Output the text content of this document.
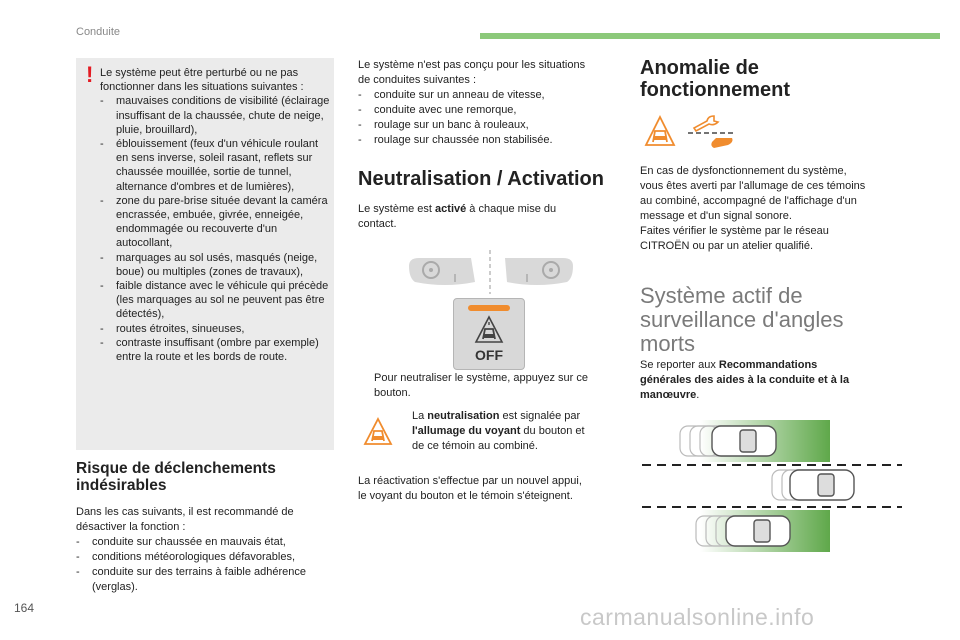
Conduite
! Le système peut être perturbé ou ne pas fonctionner dans les situations suivantes :
-	mauvaises conditions de visibilité (éclairage insuffisant de la chaussée, chute de neige, pluie, brouillard),
-	éblouissement (feux d'un véhicule roulant en sens inverse, soleil rasant, reflets sur chaussée mouillée, sortie de tunnel, alternance d'ombres et de lumières),
-	zone du pare-brise située devant la caméra encrassée, embuée, givrée, enneigée, endommagée ou recouverte d'un autocollant,
-	marquages au sol usés, masqués (neige, boue) ou multiples (zones de travaux),
-	faible distance avec le véhicule qui précède (les marquages au sol ne peuvent pas être détectés),
-	routes étroites, sinueuses,
-	contraste insuffisant (ombre par exemple) entre la route et les bords de route.
Risque de déclenchements
indésirables
Dans les cas suivants, il est recommandé de
désactiver la fonction :
-	conduite sur chaussée en mauvais état,
-	conditions météorologiques défavorables,
-	conduite sur des terrains à faible adhérence (verglas).
Le système n'est pas conçu pour les situations
de conduites suivantes :
-	conduite sur un anneau de vitesse,
-	conduite avec une remorque,
-	roulage sur un banc à rouleaux,
-	roulage sur chaussée non stabilisée.
Neutralisation / Activation
Le système est activé à chaque mise du
contact.
OFF
Pour neutraliser le système, appuyez sur ce
bouton.
La neutralisation est signalée par
l'allumage du voyant du bouton et
de ce témoin au combiné.
La réactivation s'effectue par un nouvel appui,
le voyant du bouton et le témoin s'éteignent.
Anomalie de
fonctionnement
En cas de dysfonctionnement du système,
vous êtes averti par l'allumage de ces témoins
au combiné, accompagné de l'affichage d'un
message et d'un signal sonore.
Faites vérifier le système par le réseau
CITROËN ou par un atelier qualifié.
Système actif de
surveillance d'angles
morts
Se reporter aux Recommandations
générales des aides à la conduite et à la
manœuvre.
164	carmanualsonline.info
